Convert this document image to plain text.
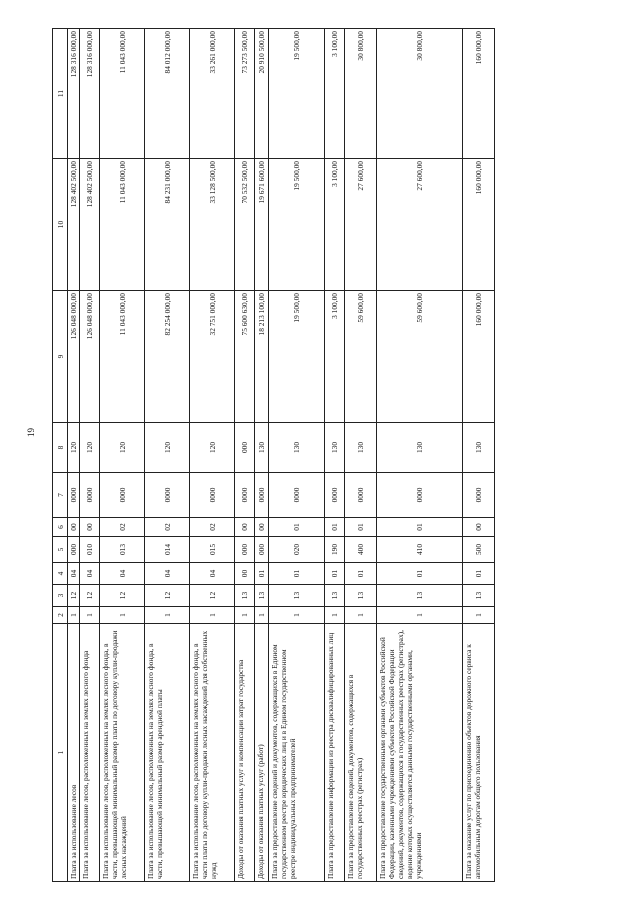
19
1	2	3	4	5	6	7	8	9	10	11
Плата за использование лесов	1	12	04	000	00	0000	120	126 048 000,00	128 402 500,00	128 316 000,00
Плата за использование лесов, расположенных на землях лесного фонда	1	12	04	010	00	0000	120	126 048 000,00	128 402 500,00	128 316 000,00
Плата за использование лесов, расположенных на землях лесного фонда, в части, превышающей минимальный размер платы по договору купли-продажи лесных насаждений	1	12	04	013	02	0000	120	11 043 000,00	11 043 000,00	11 043 000,00
Плата за использование лесов, расположенных на землях лесного фонда, в части, превышающей минимальный размер арендной платы	1	12	04	014	02	0000	120	82 254 000,00	84 231 000,00	84 012 000,00
Плата за использование лесов, расположенных на землях лесного фонда, в части платы по договору купли-продажи лесных насаждений для собственных нужд	1	12	04	015	02	0000	120	32 751 000,00	33 128 500,00	33 261 000,00
Доходы от оказания платных услуг и компенсации затрат государства	1	13	00	000	00	0000	000	75 600 630,00	70 532 500,00	73 273 500,00
Доходы от оказания платных услуг (работ)	1	13	01	000	00	0000	130	18 213 100,00	19 671 600,00	20 910 500,00
Плата за предоставление сведений и документов, содержащихся в Едином государственном реестре юридических лиц и в Едином государственном реестре индивидуальных предпринимателей	1	13	01	020	01	0000	130	19 500,00	19 500,00	19 500,00
Плата за предоставление информации из реестра дисквалифицированных лиц	1	13	01	190	01	0000	130	3 100,00	3 100,00	3 100,00
Плата за предоставление сведений, документов, содержащихся в государственных реестрах (регистрах)	1	13	01	400	01	0000	130	59 600,00	27 600,00	30 800,00
Плата за предоставление государственными органами субъектов Российской Федерации, казенными учреждениями субъектов Российской Федерации сведений, документов, содержащихся в государственных реестрах (регистрах), ведение которых осуществляется данными государственными органами, учреждениями	1	13	01	410	01	0000	130	59 600,00	27 600,00	30 800,00
Плата за оказание услуг по присоединению объектов дорожного сервиса к автомобильным дорогам общего пользования	1	13	01	500	00	0000	130	160 000,00	160 000,00	160 000,00
